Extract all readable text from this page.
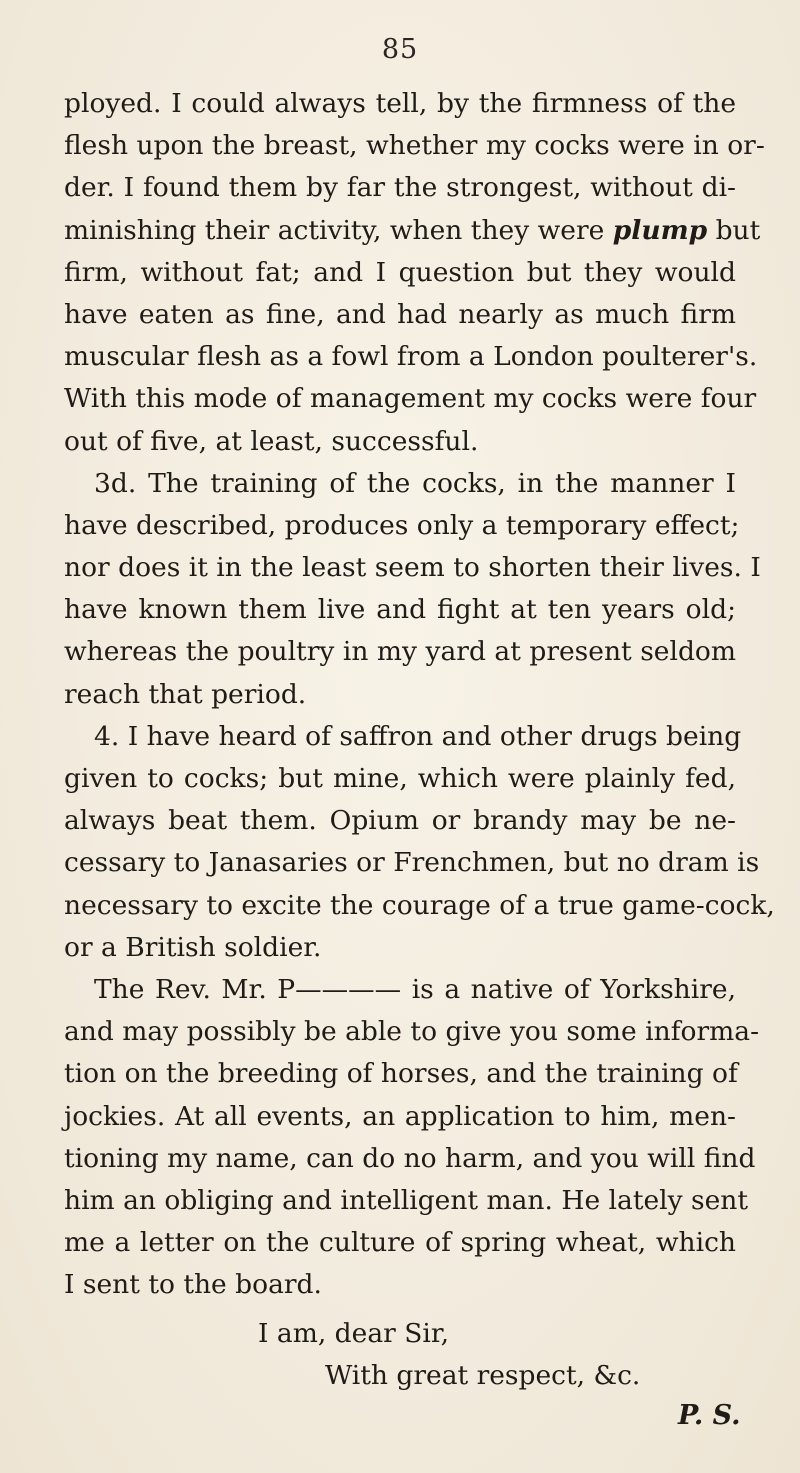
85
ployed. I could always tell, by the firmness of the
flesh upon the breast, whether my cocks were in or-
der. I found them by far the strongest, without di-
minishing their activity, when they were plump but
firm, without fat; and I question but they would
have eaten as fine, and had nearly as much firm
muscular flesh as a fowl from a London poulterer's.
With this mode of management my cocks were four
out of five, at least, successful.
3d. The training of the cocks, in the manner I
have described, produces only a temporary effect;
nor does it in the least seem to shorten their lives. I
have known them live and fight at ten years old;
whereas the poultry in my yard at present seldom
reach that period.
4. I have heard of saffron and other drugs being
given to cocks; but mine, which were plainly fed,
always beat them. Opium or brandy may be ne-
cessary to Janasaries or Frenchmen, but no dram is
necessary to excite the courage of a true game-cock,
or a British soldier.
The Rev. Mr. P———— is a native of Yorkshire,
and may possibly be able to give you some informa-
tion on the breeding of horses, and the training of
jockies. At all events, an application to him, men-
tioning my name, can do no harm, and you will find
him an obliging and intelligent man. He lately sent
me a letter on the culture of spring wheat, which
I sent to the board.
I am, dear Sir,
With great respect, &c.
P. S.
